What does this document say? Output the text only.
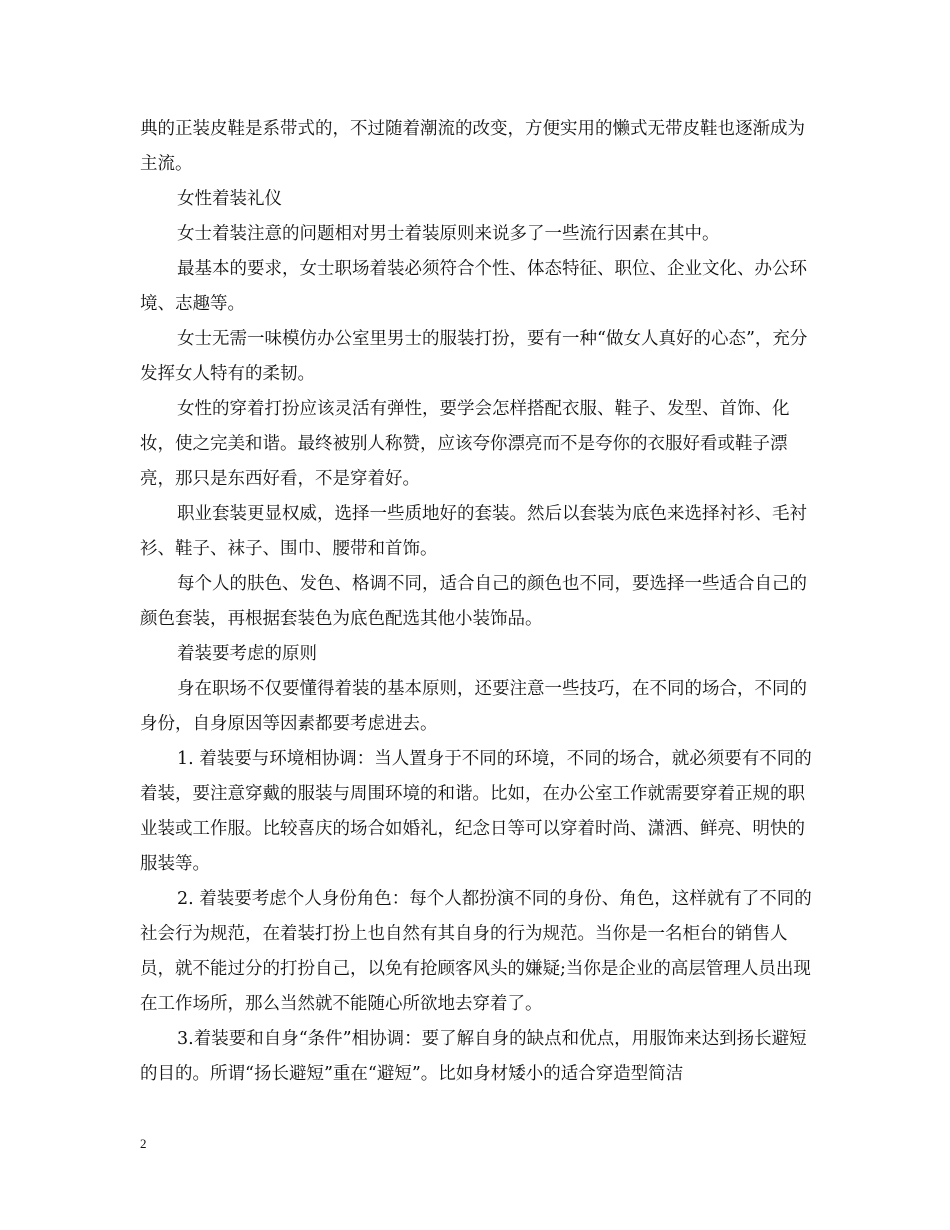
典的正装皮鞋是系带式的，不过随着潮流的改变，方便实用的懒式无带皮鞋也逐渐成为主流。

女性着装礼仪

女士着装注意的问题相对男士着装原则来说多了一些流行因素在其中。

最基本的要求，女士职场着装必须符合个性、体态特征、职位、企业文化、办公环境、志趣等。

女士无需一味模仿办公室里男士的服装打扮，要有一种“做女人真好的心态”，充分发挥女人特有的柔韧。

女性的穿着打扮应该灵活有弹性，要学会怎样搭配衣服、鞋子、发型、首饰、化妆，使之完美和谐。最终被别人称赞，应该夸你漂亮而不是夸你的衣服好看或鞋子漂亮，那只是东西好看，不是穿着好。

职业套装更显权威，选择一些质地好的套装。然后以套装为底色来选择衬衫、毛衬衫、鞋子、袜子、围巾、腰带和首饰。

每个人的肤色、发色、格调不同，适合自己的颜色也不同，要选择一些适合自己的颜色套装，再根据套装色为底色配选其他小装饰品。

着装要考虑的原则

身在职场不仅要懂得着装的基本原则，还要注意一些技巧，在不同的场合，不同的身份，自身原因等因素都要考虑进去。

1. 着装要与环境相协调：当人置身于不同的环境，不同的场合，就必须要有不同的着装，要注意穿戴的服装与周围环境的和谐。比如，在办公室工作就需要穿着正规的职业装或工作服。比较喜庆的场合如婚礼，纪念日等可以穿着时尚、潇洒、鲜亮、明快的服装等。

2. 着装要考虑个人身份角色：每个人都扮演不同的身份、角色，这样就有了不同的社会行为规范，在着装打扮上也自然有其自身的行为规范。当你是一名柜台的销售人员，就不能过分的打扮自己，以免有抢顾客风头的嫌疑;当你是企业的高层管理人员出现在工作场所，那么当然就不能随心所欲地去穿着了。

3.着装要和自身“条件”相协调：要了解自身的缺点和优点，用服饰来达到扬长避短的目的。所谓“扬长避短”重在“避短”。比如身材矮小的适合穿造型简洁

2
